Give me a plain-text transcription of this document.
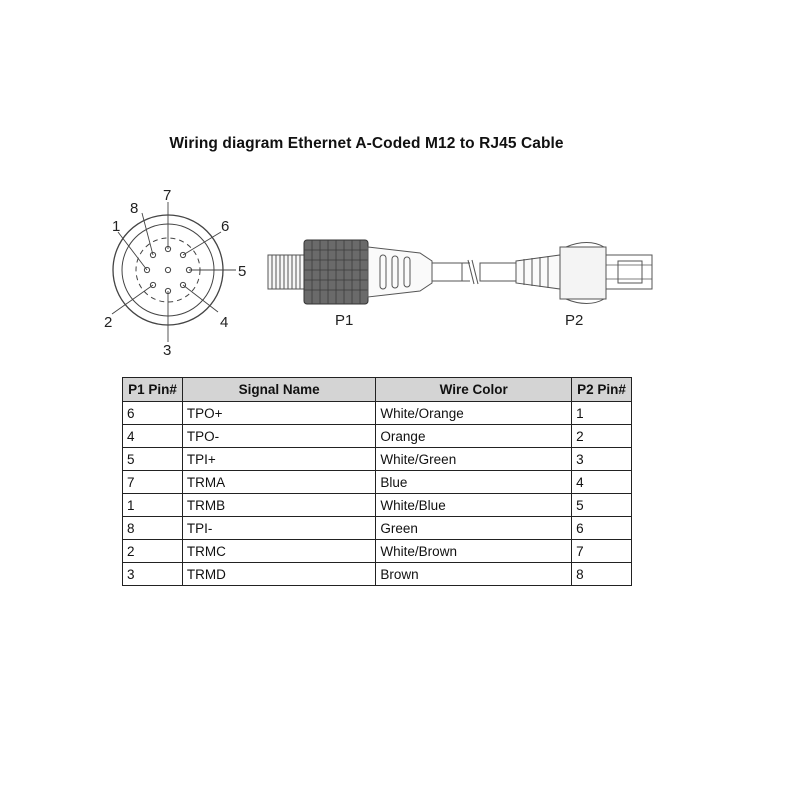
Wiring diagram Ethernet A-Coded M12 to RJ45 Cable
1
2
3
4
5
6
7
8
P1	P2
P1 Pin#	Signal Name	Wire Color	P2 Pin#
6	TPO+	White/Orange	1
4	TPO-	Orange	2
5	TPI+	White/Green	3
7	TRMA	Blue	4
1	TRMB	White/Blue	5
8	TPI-	Green	6
2	TRMC	White/Brown	7
3	TRMD	Brown	8
